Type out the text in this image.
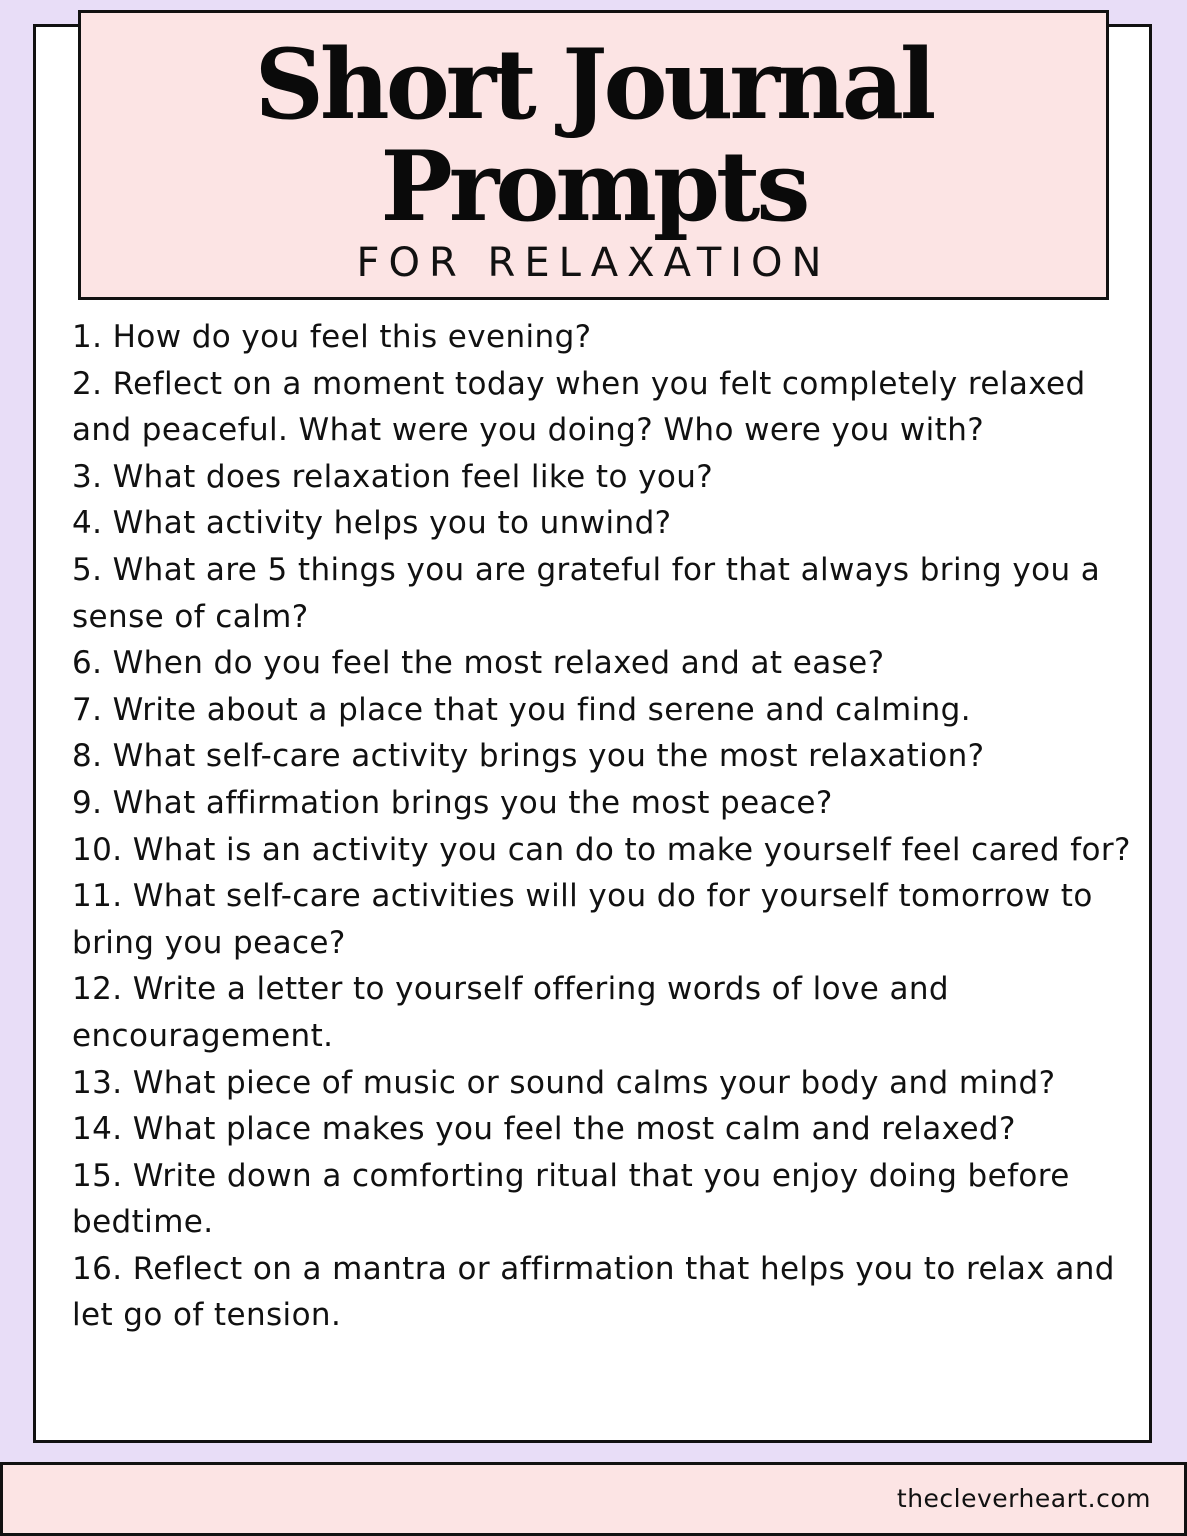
Short Journal
Prompts
FOR RELAXATION
1. How do you feel this evening?
2. Reflect on a moment today when you felt completely relaxed and peaceful. What were you doing? Who were you with?
3. What does relaxation feel like to you?
4. What activity helps you to unwind?
5. What are 5 things you are grateful for that always bring you a sense of calm?
6. When do you feel the most relaxed and at ease?
7. Write about a place that you find serene and calming.
8. What self-care activity brings you the most relaxation?
9. What affirmation brings you the most peace?
10. What is an activity you can do to make yourself feel cared for?
11. What self-care activities will you do for yourself tomorrow to bring you peace?
12. Write a letter to yourself offering words of love and encouragement.
13. What piece of music or sound calms your body and mind?
14. What place makes you feel the most calm and relaxed?
15. Write down a comforting ritual that you enjoy doing before bedtime.
16. Reflect on a mantra or affirmation that helps you to relax and let go of tension.
thecleverheart.com
